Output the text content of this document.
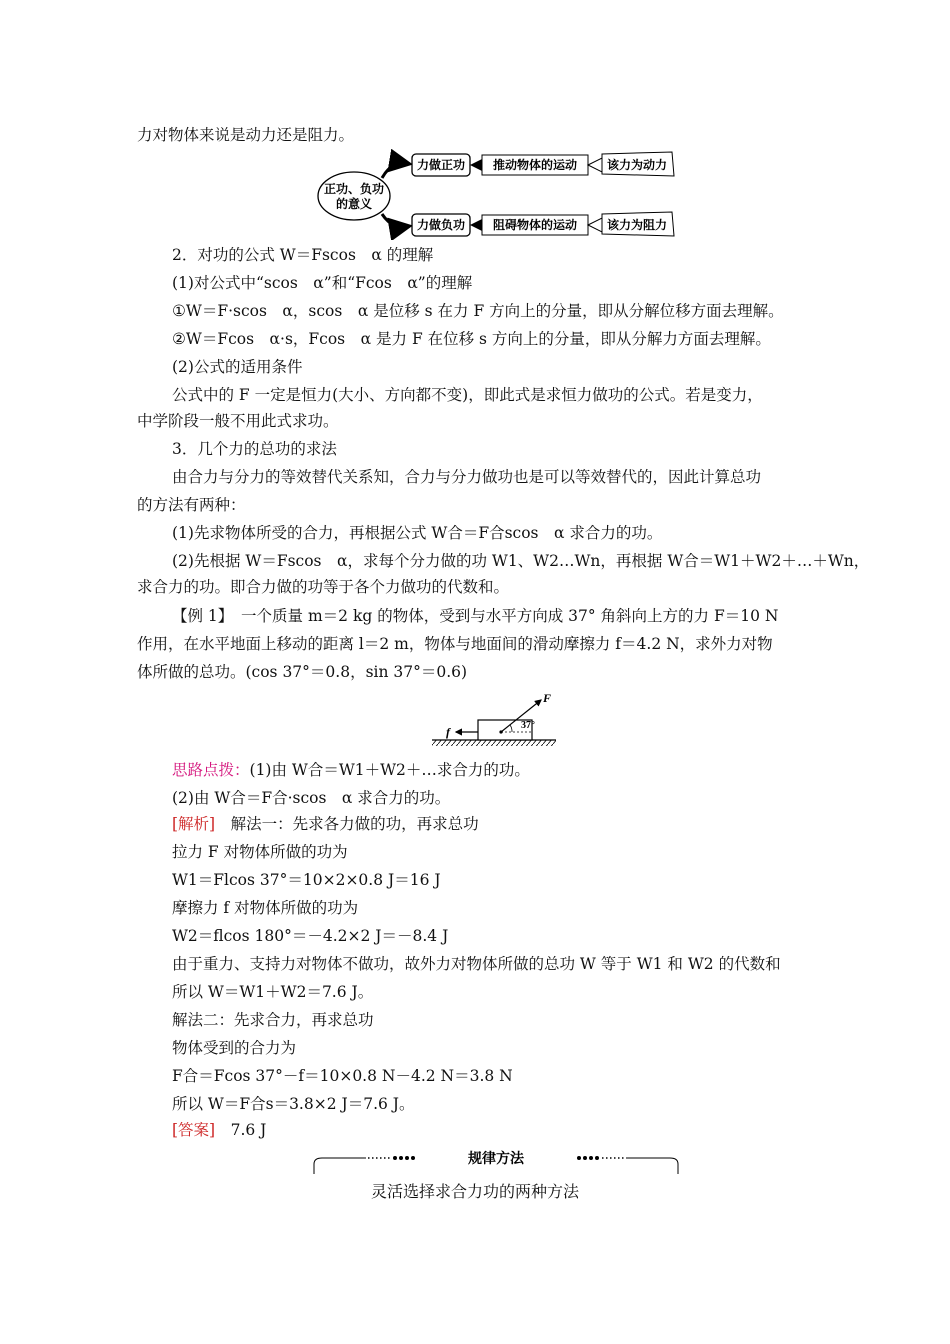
力对物体来说是动力还是阻力。
正功、负功
的意义
力做正功 推动物体的运动 该力为动力
力做负功 阻碍物体的运动 该力为阻力
2．对功的公式 W＝Fscos　α 的理解
(1)对公式中“scos　α”和“Fcos　α”的理解
①W＝F·scos　α，scos　α 是位移 s 在力 F 方向上的分量，即从分解位移方面去理解。
②W＝Fcos　α·s，Fcos　α 是力 F 在位移 s 方向上的分量，即从分解力方面去理解。
(2)公式的适用条件
公式中的 F 一定是恒力(大小、方向都不变)，即此式是求恒力做功的公式。若是变力，
中学阶段一般不用此式求功。
3．几个力的总功的求法
由合力与分力的等效替代关系知，合力与分力做功也是可以等效替代的，因此计算总功
的方法有两种：
(1)先求物体所受的合力，再根据公式 W合＝F合scos　α 求合力的功。
(2)先根据 W＝Fscos　α，求每个分力做的功 W1、W2…Wn，再根据 W合＝W1＋W2＋…＋Wn，
求合力的功。即合力做的功等于各个力做功的代数和。
【例 1】　一个质量 m＝2 kg 的物体，受到与水平方向成 37° 角斜向上方的力 F＝10 N
作用，在水平地面上移动的距离 l＝2 m，物体与地面间的滑动摩擦力 f＝4.2 N，求外力对物
体所做的总功。(cos 37°＝0.8，sin 37°＝0.6)
F
37°
f
思路点拨：(1)由 W合＝W1＋W2＋…求合力的功。
(2)由 W合＝F合·scos　α 求合力的功。
[解析]　解法一：先求各力做的功，再求总功
拉力 F 对物体所做的功为
W1＝Flcos 37°＝10×2×0.8 J＝16 J
摩擦力 f 对物体所做的功为
W2＝flcos 180°＝－4.2×2 J＝－8.4 J
由于重力、支持力对物体不做功，故外力对物体所做的总功 W 等于 W1 和 W2 的代数和
所以 W＝W1＋W2＝7.6 J。
解法二：先求合力，再求总功
物体受到的合力为
F合＝Fcos 37°－f＝10×0.8 N－4.2 N＝3.8 N
所以 W＝F合s＝3.8×2 J＝7.6 J。
[答案]　7.6 J
规律方法
灵活选择求合力功的两种方法
